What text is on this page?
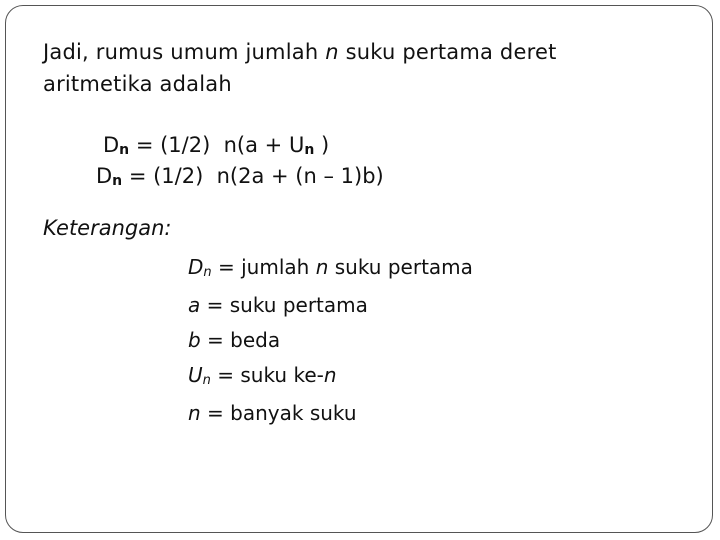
Jadi, rumus umum jumlah n suku pertama deret
aritmetika adalah
$D_n = (1/2) n(a + U_n$ )
$D_n = (1/2) n(2a + (n - 1)b)$
Keterangan:
$D_n$ = jumlah n suku pertama
a = suku pertama
b = beda
$U_n$ = suku ke-n
n = banyak suku
